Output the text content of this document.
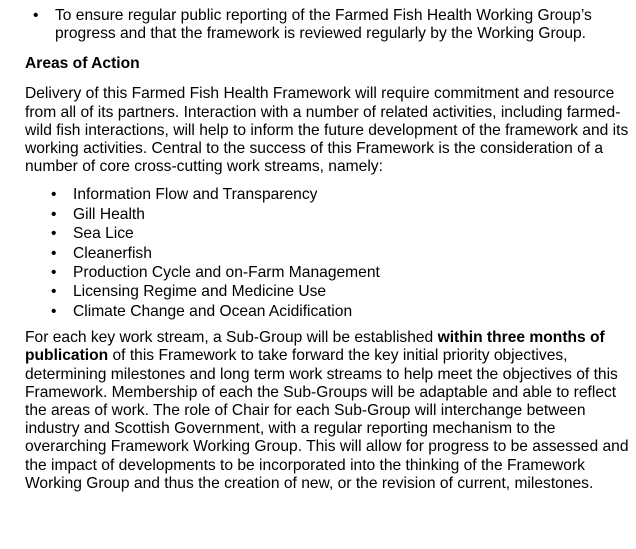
• To ensure regular public reporting of the Farmed Fish Health Working Group’s progress and that the framework is reviewed regularly by the Working Group.
Areas of Action

Delivery of this Farmed Fish Health Framework will require commitment and resource from all of its partners. Interaction with a number of related activities, including farmed-wild fish interactions, will help to inform the future development of the framework and its working activities. Central to the success of this Framework is the consideration of a number of core cross-cutting work streams, namely:

• Information Flow and Transparency
• Gill Health
• Sea Lice
• Cleanerfish
• Production Cycle and on-Farm Management
• Licensing Regime and Medicine Use
• Climate Change and Ocean Acidification

For each key work stream, a Sub-Group will be established within three months of publication of this Framework to take forward the key initial priority objectives, determining milestones and long term work streams to help meet the objectives of this Framework. Membership of each the Sub-Groups will be adaptable and able to reflect the areas of work. The role of Chair for each Sub-Group will interchange between industry and Scottish Government, with a regular reporting mechanism to the overarching Framework Working Group. This will allow for progress to be assessed and the impact of developments to be incorporated into the thinking of the Framework Working Group and thus the creation of new, or the revision of current, milestones.
